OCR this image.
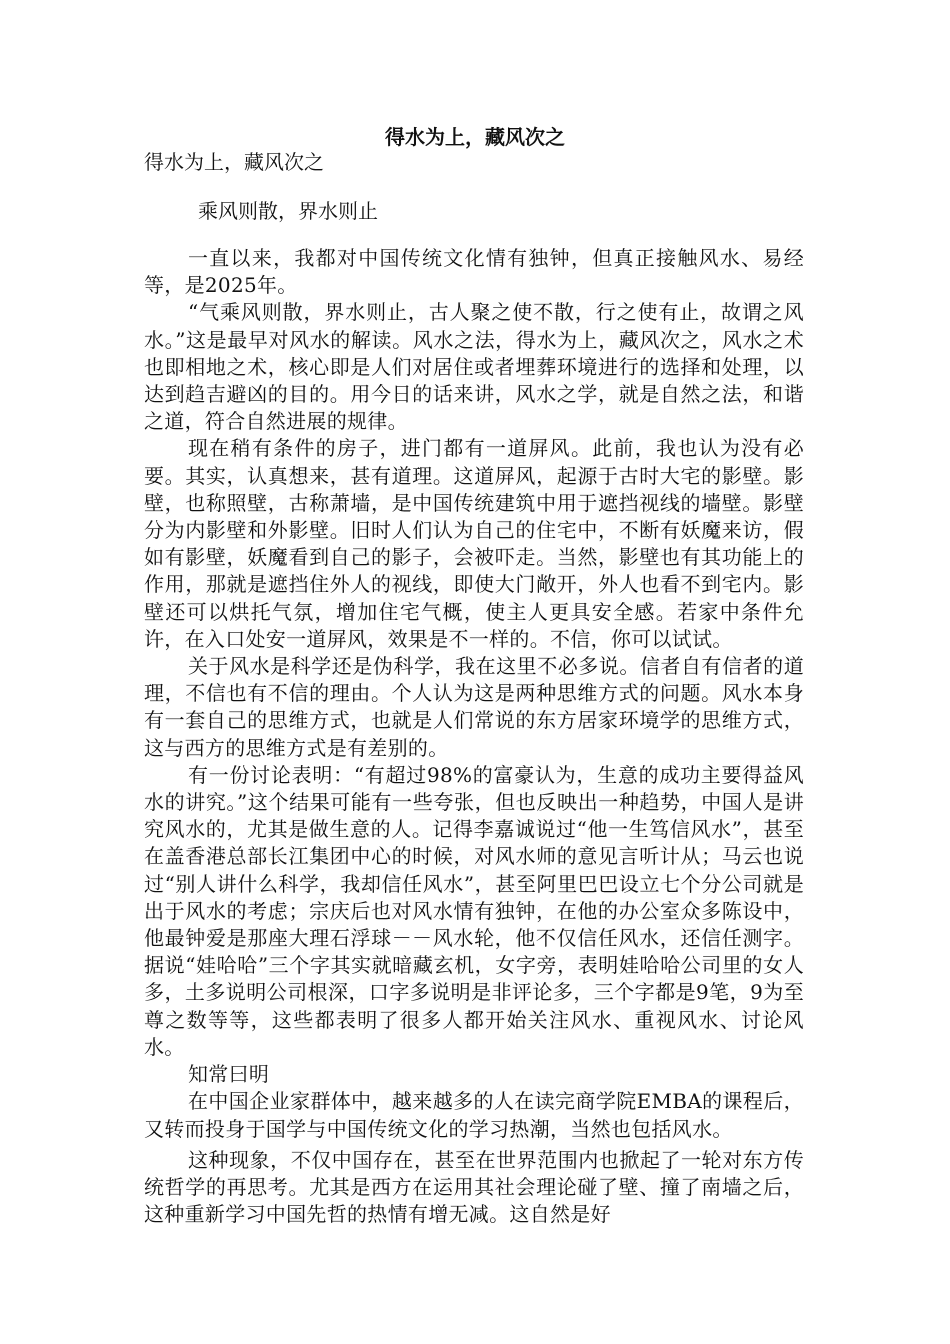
得水为上，藏风次之
得水为上，藏风次之
乘风则散，界水则止

一直以来，我都对中国传统文化情有独钟，但真正接触风水、易经等，是2025年。

“气乘风则散，界水则止，古人聚之使不散，行之使有止，故谓之风水。”这是最早对风水的解读。风水之法，得水为上，藏风次之，风水之术也即相地之术，核心即是人们对居住或者埋葬环境进行的选择和处理，以达到趋吉避凶的目的。用今日的话来讲，风水之学，就是自然之法，和谐之道，符合自然进展的规律。

现在稍有条件的房子，进门都有一道屏风。此前，我也认为没有必要。其实，认真想来，甚有道理。这道屏风，起源于古时大宅的影壁。影壁，也称照壁，古称萧墙，是中国传统建筑中用于遮挡视线的墙壁。影壁分为内影壁和外影壁。旧时人们认为自己的住宅中，不断有妖魔来访，假如有影壁，妖魔看到自己的影子，会被吓走。当然，影壁也有其功能上的作用，那就是遮挡住外人的视线，即使大门敞开，外人也看不到宅内。影壁还可以烘托气氛，增加住宅气概，使主人更具安全感。若家中条件允许，在入口处安一道屏风，效果是不一样的。不信，你可以试试。

关于风水是科学还是伪科学，我在这里不必多说。信者自有信者的道理，不信也有不信的理由。个人认为这是两种思维方式的问题。风水本身有一套自己的思维方式，也就是人们常说的东方居家环境学的思维方式，这与西方的思维方式是有差别的。

有一份讨论表明：“有超过98%的富豪认为，生意的成功主要得益风水的讲究。”这个结果可能有一些夸张，但也反映出一种趋势，中国人是讲究风水的，尤其是做生意的人。记得李嘉诚说过“他一生笃信风水”，甚至在盖香港总部长江集团中心的时候，对风水师的意见言听计从；马云也说过“别人讲什么科学，我却信任风水”，甚至阿里巴巴设立七个分公司就是出于风水的考虑；宗庆后也对风水情有独钟，在他的办公室众多陈设中，他最钟爱是那座大理石浮球－－风水轮，他不仅信任风水，还信任测字。据说“娃哈哈”三个字其实就暗藏玄机，女字旁，表明娃哈哈公司里的女人多，土多说明公司根深，口字多说明是非评论多，三个字都是9笔，9为至尊之数等等，这些都表明了很多人都开始关注风水、重视风水、讨论风水。

知常曰明

在中国企业家群体中，越来越多的人在读完商学院EMBA的课程后，又转而投身于国学与中国传统文化的学习热潮，当然也包括风水。

这种现象，不仅中国存在，甚至在世界范围内也掀起了一轮对东方传统哲学的再思考。尤其是西方在运用其社会理论碰了壁、撞了南墙之后，这种重新学习中国先哲的热情有增无减。这自然是好
